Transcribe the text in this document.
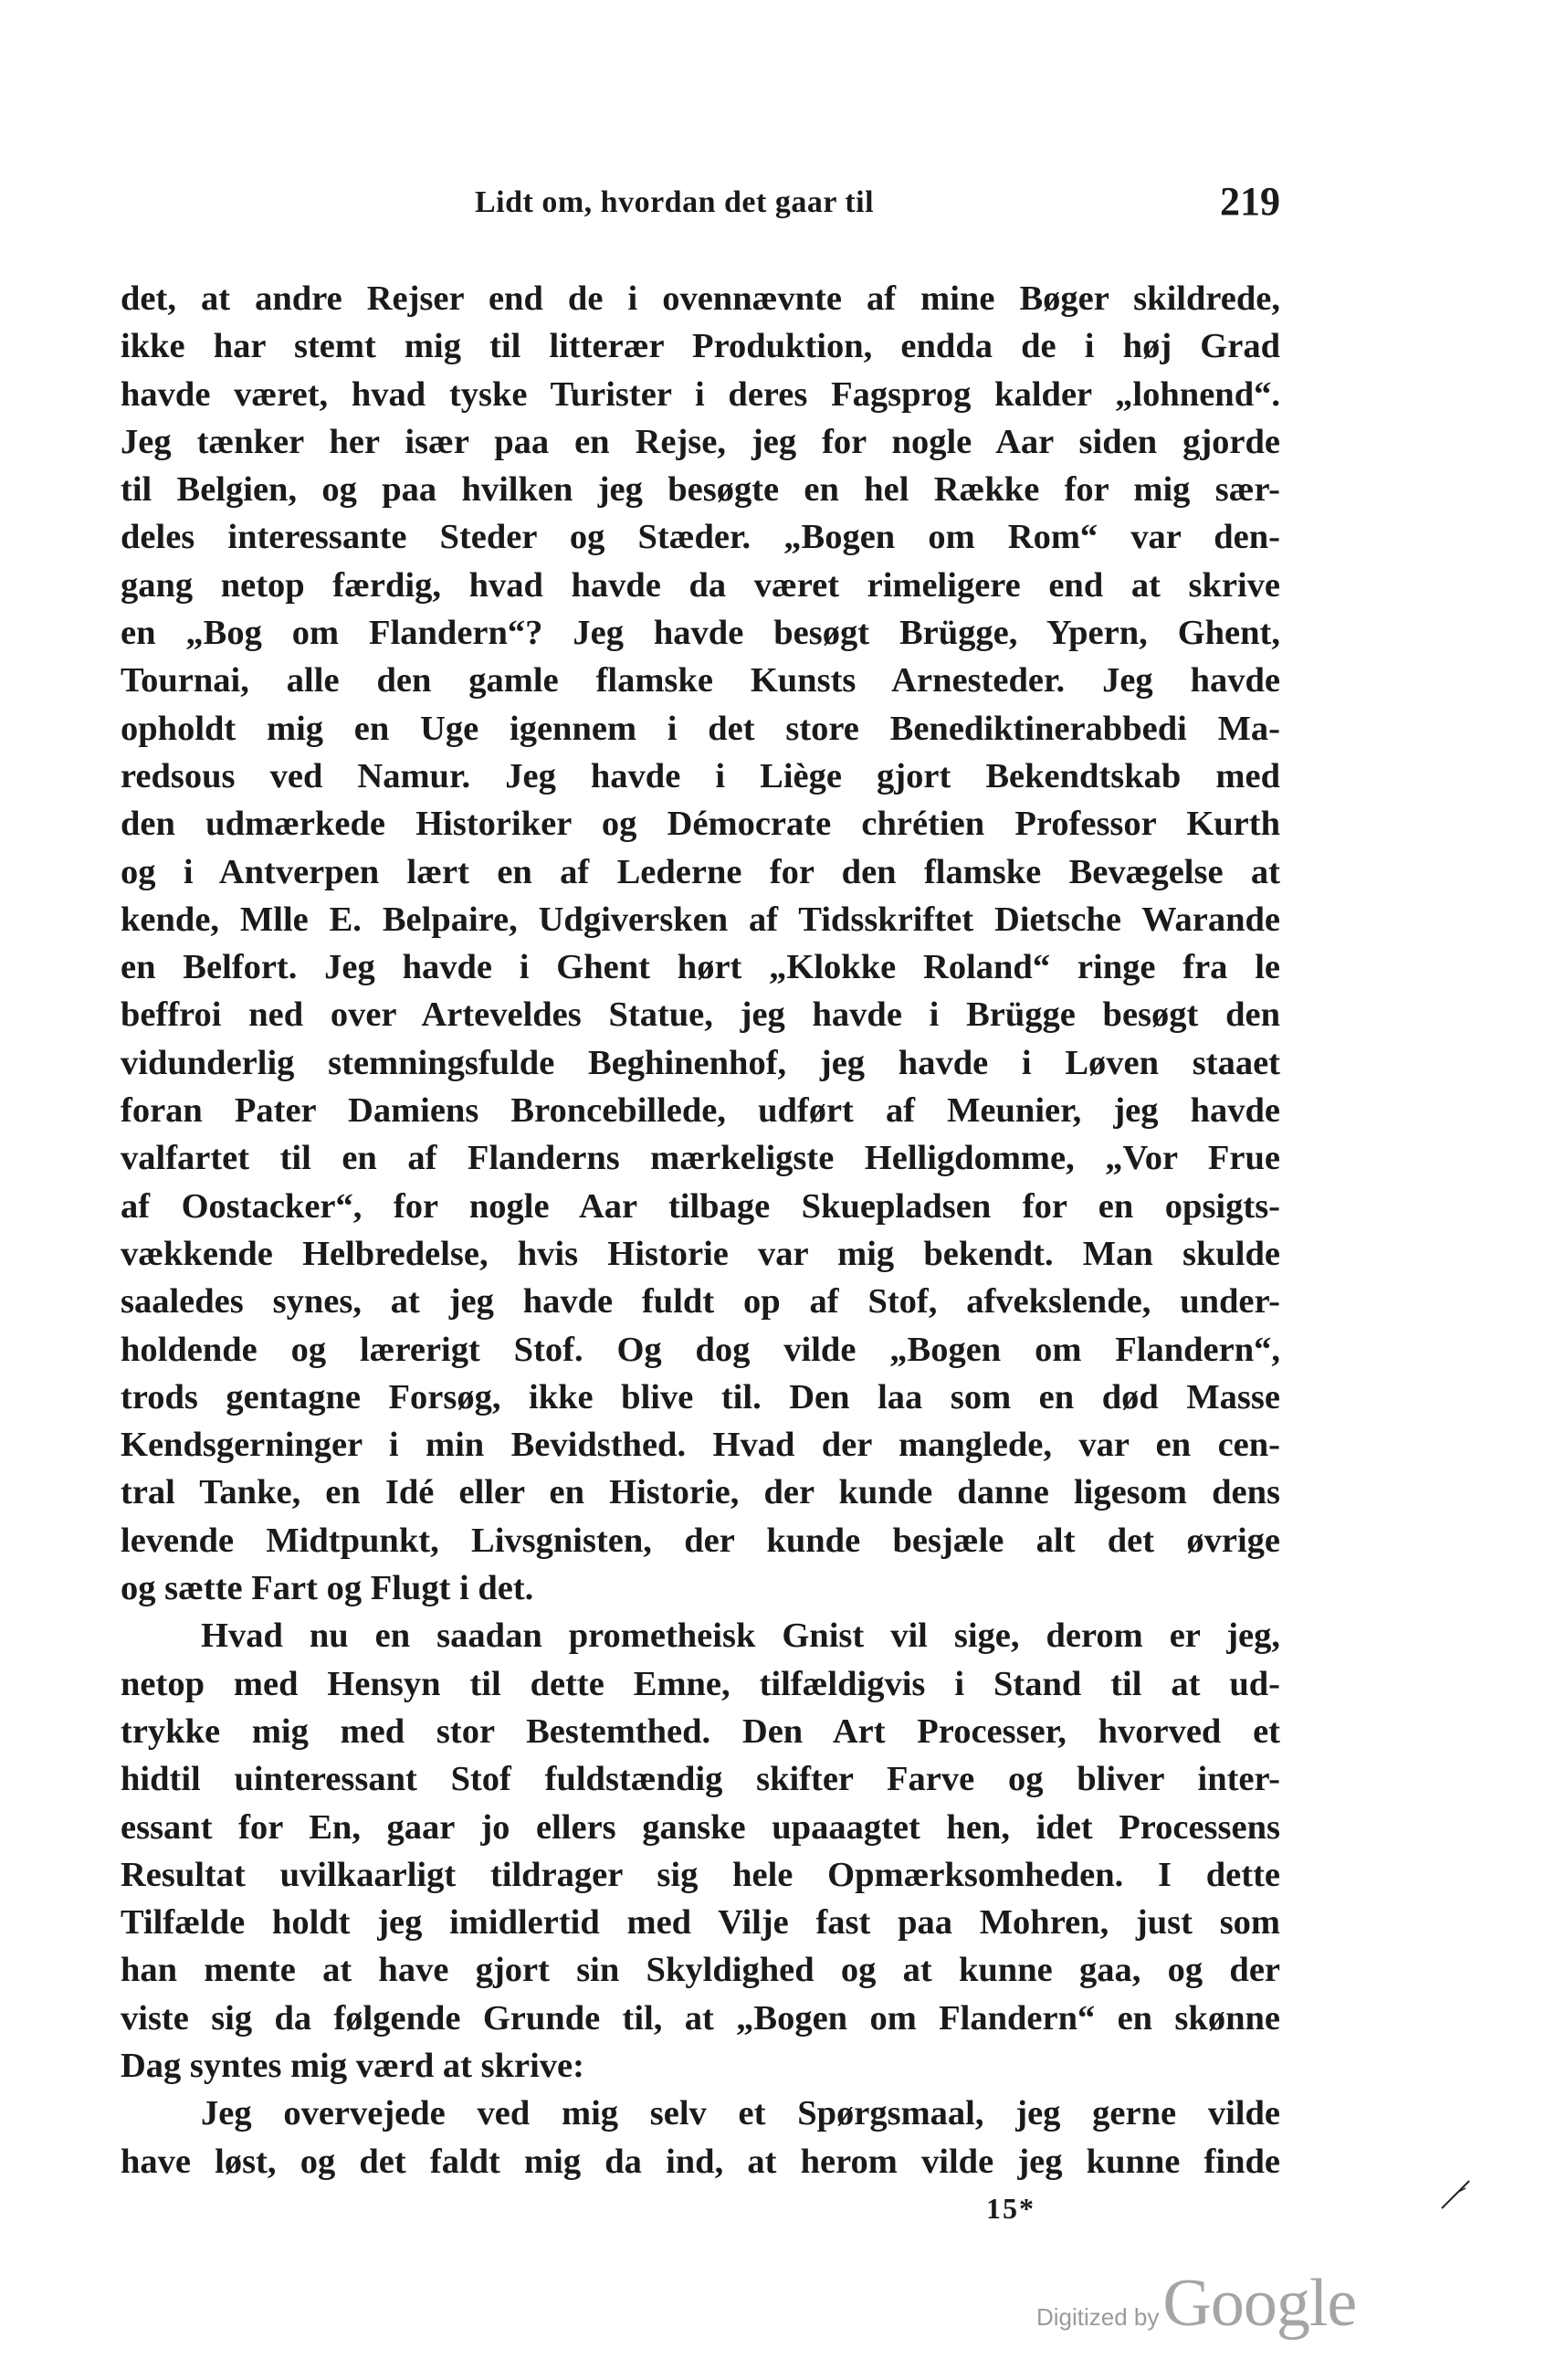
Lidt om, hvordan det gaar til	219
det, at andre Rejser end de i ovennævnte af mine Bøger skildrede,
ikke har stemt mig til litterær Produktion, endda de i høj Grad
havde været, hvad tyske Turister i deres Fagsprog kalder „lohnend“.
Jeg tænker her især paa en Rejse, jeg for nogle Aar siden gjorde
til Belgien, og paa hvilken jeg besøgte en hel Række for mig sær-
deles interessante Steder og Stæder. „Bogen om Rom“ var den-
gang netop færdig, hvad havde da været rimeligere end at skrive
en „Bog om Flandern“? Jeg havde besøgt Brügge, Ypern, Ghent,
Tournai, alle den gamle flamske Kunsts Arnesteder. Jeg havde
opholdt mig en Uge igennem i det store Benediktinerabbedi Ma-
redsous ved Namur. Jeg havde i Liège gjort Bekendtskab med
den udmærkede Historiker og Démocrate chrétien Professor Kurth
og i Antverpen lært en af Lederne for den flamske Bevægelse at
kende, Mlle E. Belpaire, Udgiversken af Tidsskriftet Dietsche Warande
en Belfort. Jeg havde i Ghent hørt „Klokke Roland“ ringe fra le
beffroi ned over Arteveldes Statue, jeg havde i Brügge besøgt den
vidunderlig stemningsfulde Beghinenhof, jeg havde i Løven staaet
foran Pater Damiens Broncebillede, udført af Meunier, jeg havde
valfartet til en af Flanderns mærkeligste Helligdomme, „Vor Frue
af Oostacker“, for nogle Aar tilbage Skuepladsen for en opsigts-
vækkende Helbredelse, hvis Historie var mig bekendt. Man skulde
saaledes synes, at jeg havde fuldt op af Stof, afvekslende, under-
holdende og lærerigt Stof. Og dog vilde „Bogen om Flandern“,
trods gentagne Forsøg, ikke blive til. Den laa som en død Masse
Kendsgerninger i min Bevidsthed. Hvad der manglede, var en cen-
tral Tanke, en Idé eller en Historie, der kunde danne ligesom dens
levende Midtpunkt, Livsgnisten, der kunde besjæle alt det øvrige
og sætte Fart og Flugt i det.
Hvad nu en saadan prometheisk Gnist vil sige, derom er jeg,
netop med Hensyn til dette Emne, tilfældigvis i Stand til at ud-
trykke mig med stor Bestemthed. Den Art Processer, hvorved et
hidtil uinteressant Stof fuldstændig skifter Farve og bliver inter-
essant for En, gaar jo ellers ganske upaaagtet hen, idet Processens
Resultat uvilkaarligt tildrager sig hele Opmærksomheden. I dette
Tilfælde holdt jeg imidlertid med Vilje fast paa Mohren, just som
han mente at have gjort sin Skyldighed og at kunne gaa, og der
viste sig da følgende Grunde til, at „Bogen om Flandern“ en skønne
Dag syntes mig værd at skrive:
Jeg overvejede ved mig selv et Spørgsmaal, jeg gerne vilde
have løst, og det faldt mig da ind, at herom vilde jeg kunne finde
15*
Digitized by Google
